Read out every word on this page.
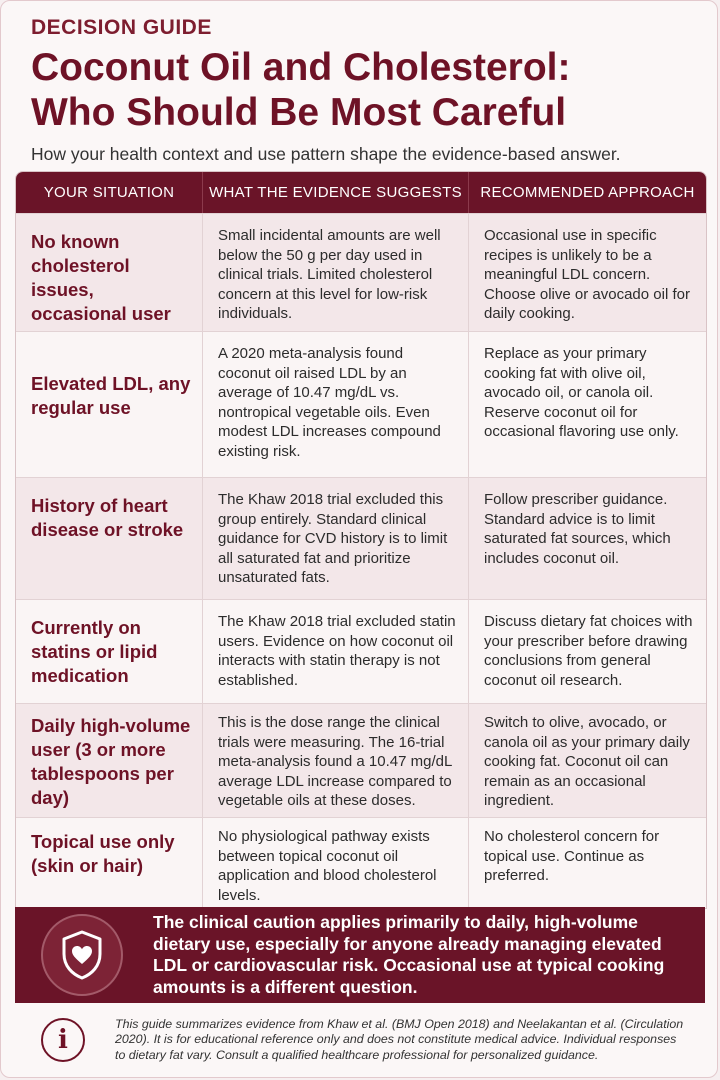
DECISION GUIDE

Coconut Oil and Cholesterol:
Who Should Be Most Careful

How your health context and use pattern shape the evidence-based answer.

YOUR SITUATION	WHAT THE EVIDENCE SUGGESTS	RECOMMENDED APPROACH
No known cholesterol issues, occasional user
Small incidental amounts are well below the 50 g per day used in clinical trials. Limited cholesterol concern at this level for low-risk individuals.
Occasional use in specific recipes is unlikely to be a meaningful LDL concern. Choose olive or avocado oil for daily cooking.
Elevated LDL, any regular use
A 2020 meta-analysis found coconut oil raised LDL by an average of 10.47 mg/dL vs. nontropical vegetable oils. Even modest LDL increases compound existing risk.
Replace as your primary cooking fat with olive oil, avocado oil, or canola oil. Reserve coconut oil for occasional flavoring use only.
History of heart disease or stroke
The Khaw 2018 trial excluded this group entirely. Standard clinical guidance for CVD history is to limit all saturated fat and prioritize unsaturated fats.
Follow prescriber guidance. Standard advice is to limit saturated fat sources, which includes coconut oil.
Currently on statins or lipid medication
The Khaw 2018 trial excluded statin users. Evidence on how coconut oil interacts with statin therapy is not established.
Discuss dietary fat choices with your prescriber before drawing conclusions from general coconut oil research.
Daily high-volume user (3 or more tablespoons per day)
This is the dose range the clinical trials were measuring. The 16-trial meta-analysis found a 10.47 mg/dL average LDL increase compared to vegetable oils at these doses.
Switch to olive, avocado, or canola oil as your primary daily cooking fat. Coconut oil can remain as an occasional ingredient.
Topical use only (skin or hair)
No physiological pathway exists between topical coconut oil application and blood cholesterol levels.
No cholesterol concern for topical use. Continue as preferred.
The clinical caution applies primarily to daily, high-volume dietary use, especially for anyone already managing elevated LDL or cardiovascular risk. Occasional use at typical cooking amounts is a different question.
i
This guide summarizes evidence from Khaw et al. (BMJ Open 2018) and Neelakantan et al. (Circulation 2020). It is for educational reference only and does not constitute medical advice. Individual responses to dietary fat vary. Consult a qualified healthcare professional for personalized guidance.
